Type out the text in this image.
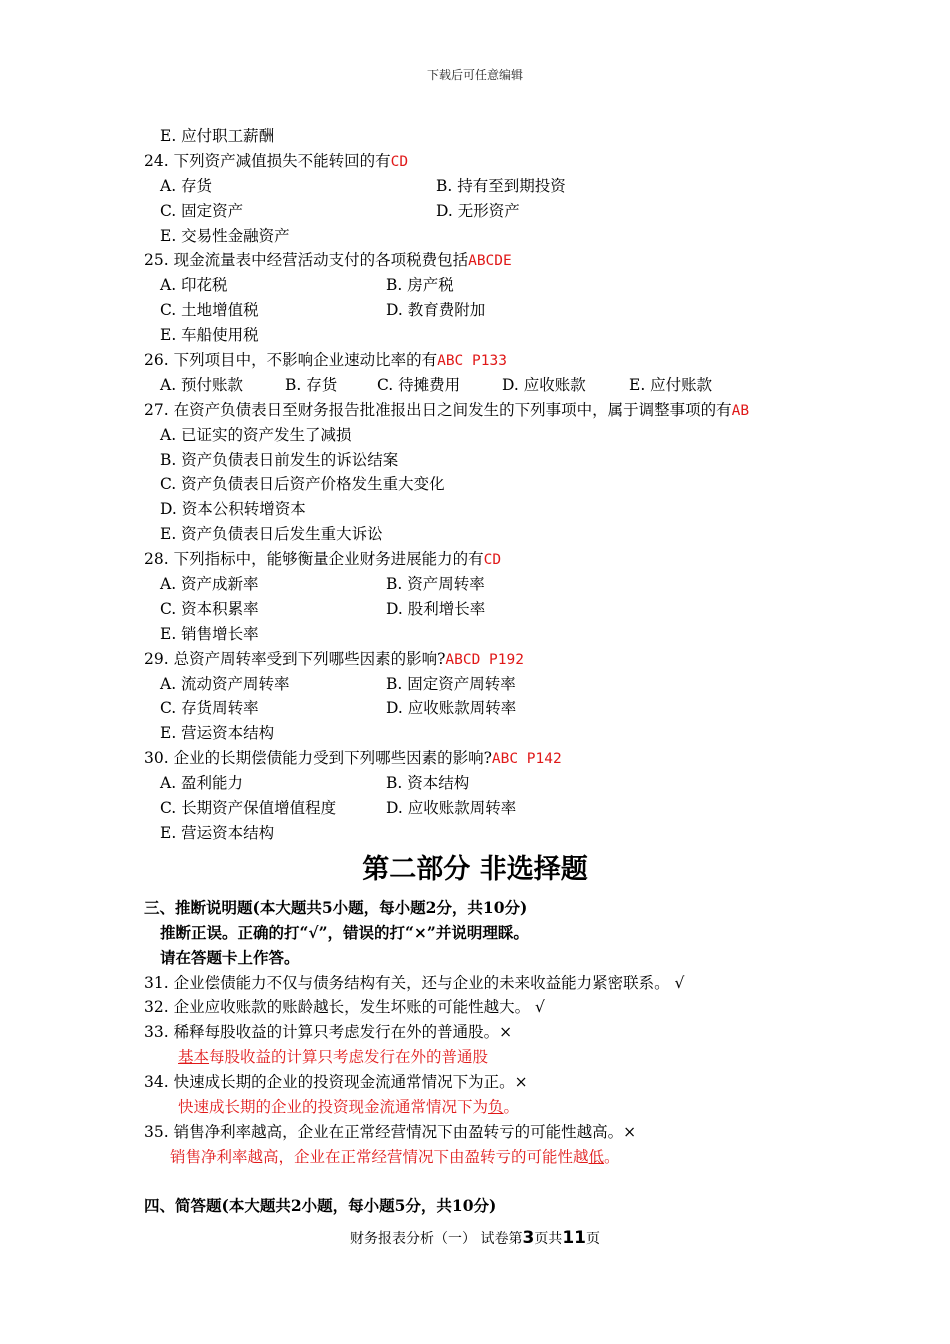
下载后可任意编辑
E. 应付职工薪酬
24. 下列资产减值损失不能转回的有CD
A. 存货	B. 持有至到期投资
C. 固定资产	D. 无形资产
E. 交易性金融资产
25. 现金流量表中经营活动支付的各项税费包括ABCDE
A. 印花税	B. 房产税
C. 土地增值税	D. 教育费附加
E. 车船使用税
26. 下列项目中，不影响企业速动比率的有ABC P133
A. 预付账款	B. 存货	C. 待摊费用	D. 应收账款	E. 应付账款
27. 在资产负债表日至财务报告批准报出日之间发生的下列事项中，属于调整事项的有AB
A. 已证实的资产发生了减损
B. 资产负债表日前发生的诉讼结案
C. 资产负债表日后资产价格发生重大变化
D. 资本公积转增资本
E. 资产负债表日后发生重大诉讼
28. 下列指标中，能够衡量企业财务进展能力的有CD
A. 资产成新率	B. 资产周转率
C. 资本积累率	D. 股利增长率
E. 销售增长率
29. 总资产周转率受到下列哪些因素的影响?ABCD P192
A. 流动资产周转率	B. 固定资产周转率
C. 存货周转率	D. 应收账款周转率
E. 营运资本结构
30. 企业的长期偿债能力受到下列哪些因素的影响?ABC P142
A. 盈利能力	B. 资本结构
C. 长期资产保值增值程度	D. 应收账款周转率
E. 营运资本结构
第二部分 非选择题
三、推断说明题(本大题共5小题，每小题2分，共10分)
推断正误。正确的打“√”，错误的打“×”并说明理睬。
请在答题卡上作答。
31. 企业偿债能力不仅与债务结构有关，还与企业的未来收益能力紧密联系。 √
32. 企业应收账款的账龄越长，发生坏账的可能性越大。 √
33. 稀释每股收益的计算只考虑发行在外的普通股。×
基本每股收益的计算只考虑发行在外的普通股
34. 快速成长期的企业的投资现金流通常情况下为正。×
快速成长期的企业的投资现金流通常情况下为负。
35. 销售净利率越高，企业在正常经营情况下由盈转亏的可能性越高。×
销售净利率越高，企业在正常经营情况下由盈转亏的可能性越低。
四、简答题(本大题共2小题，每小题5分，共10分)
财务报表分析（一） 试卷第3页共11页
